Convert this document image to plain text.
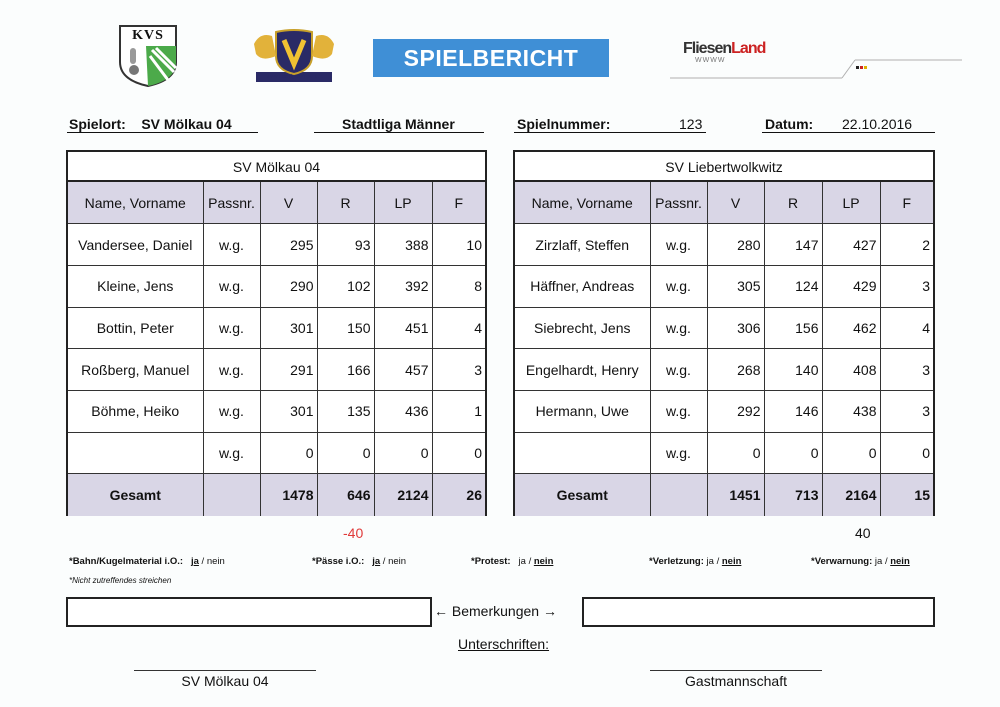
KVS
www Leipziger Kegel e.V.
SPIELBERICHT	FliesenLand
WWWW
Spielort: SV Mölkau 04	Stadtliga Männer	Spielnummer:	123	Datum: 22.10.2016
SV Mölkau 04
Name, Vorname	Passnr.	V	R	LP	F
Vandersee, Daniel	w.g.	295	93	388	10
Kleine, Jens	w.g.	290	102	392	8
Bottin, Peter	w.g.	301	150	451	4
Roßberg, Manuel	w.g.	291	166	457	3
Böhme, Heiko	w.g.	301	135	436	1
	w.g.	0	0	0	0
Gesamt		1478	646	2124	26
-40
SV Liebertwolkwitz
Name, Vorname	Passnr.	V	R	LP	F
Zirzlaff, Steffen	w.g.	280	147	427	2
Häffner, Andreas	w.g.	305	124	429	3
Siebrecht, Jens	w.g.	306	156	462	4
Engelhardt, Henry	w.g.	268	140	408	3
Hermann, Uwe	w.g.	292	146	438	3
	w.g.	0	0	0	0
Gesamt		1451	713	2164	15
40
*Bahn/Kugelmaterial i.O.: ja / nein	*Pässe i.O.: ja / nein	*Protest: ja / nein	*Verletzung: ja / nein	*Verwarnung: ja / nein
*Nicht zutreffendes streichen
← Bemerkungen →
Unterschriften:
SV Mölkau 04	Gastmannschaft
